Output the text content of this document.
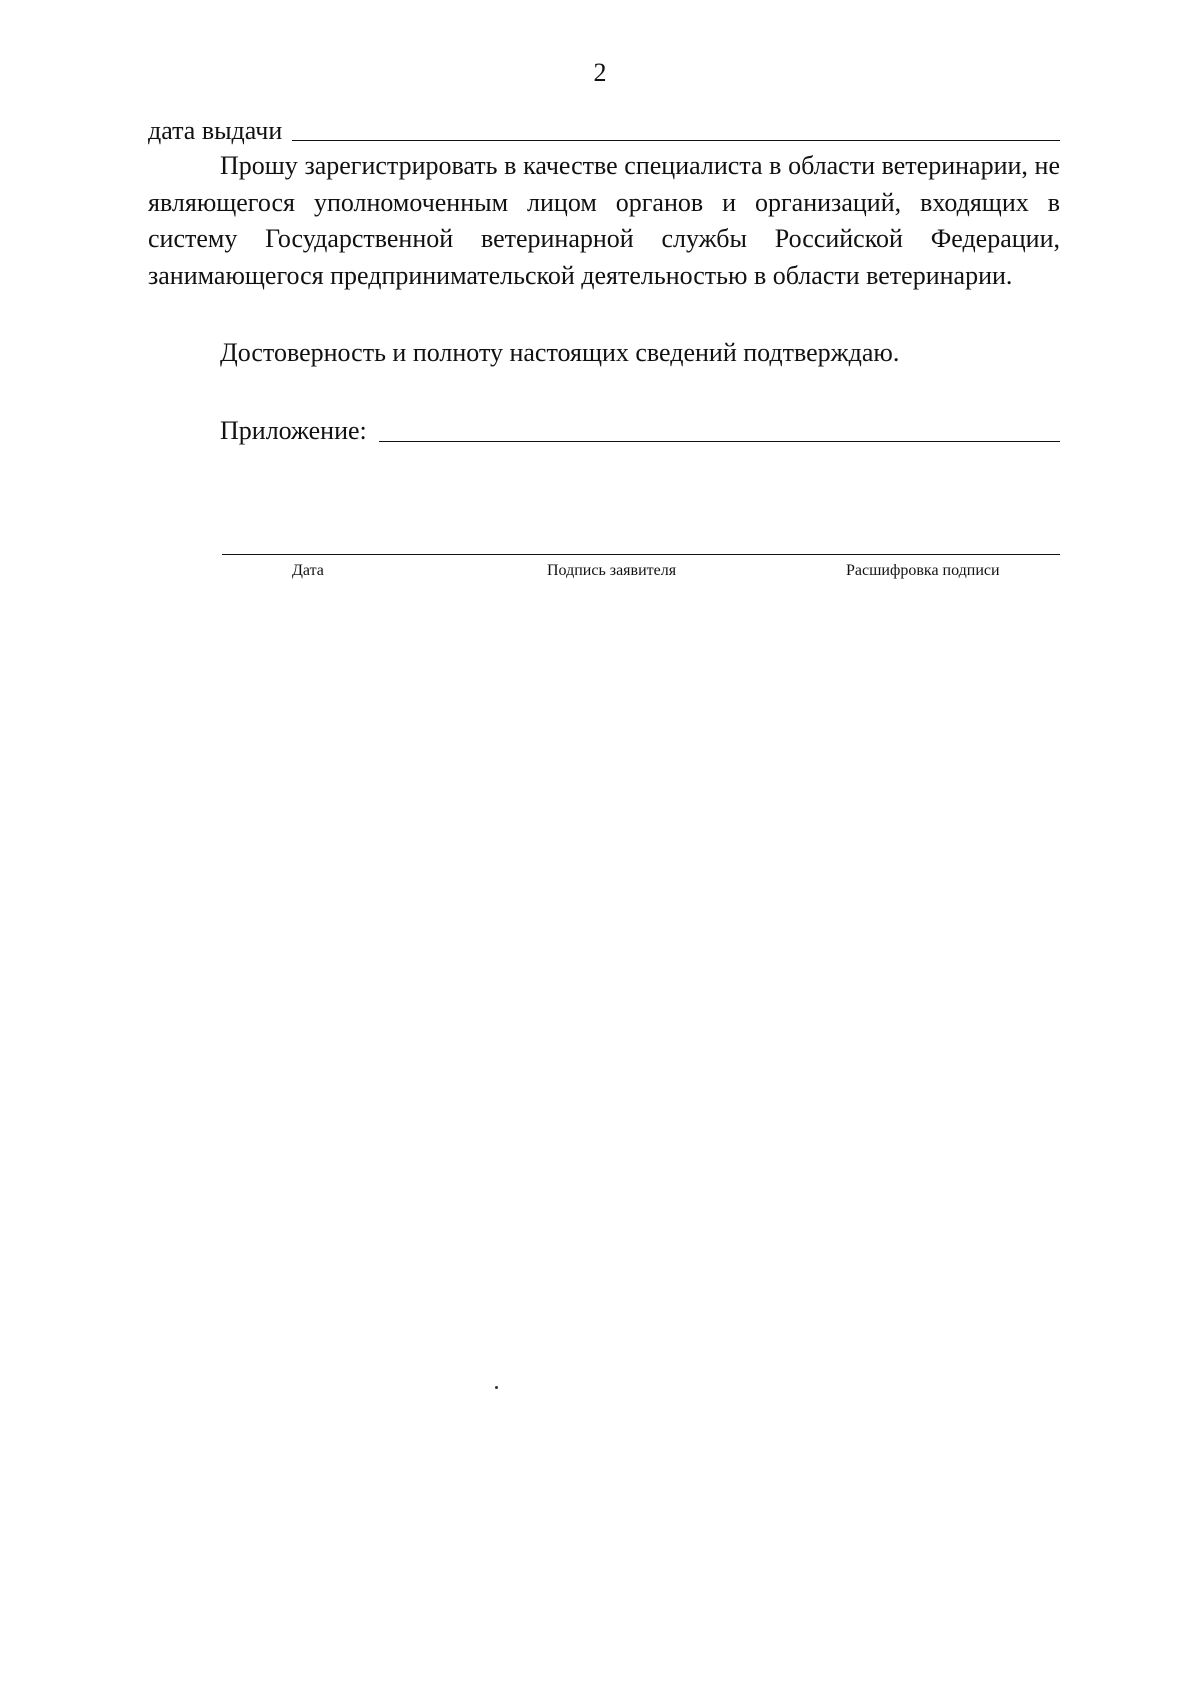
2
дата выдачи

Прошу зарегистрировать в качестве специалиста в области ветеринарии, не являющегося уполномоченным лицом органов и организаций, входящих в систему Государственной ветеринарной службы Российской Федерации, занимающегося предпринимательской деятельностью в области ветеринарии.

Достоверность и полноту настоящих сведений подтверждаю.

Приложение:
Дата	Подпись заявителя	Расшифровка подписи
